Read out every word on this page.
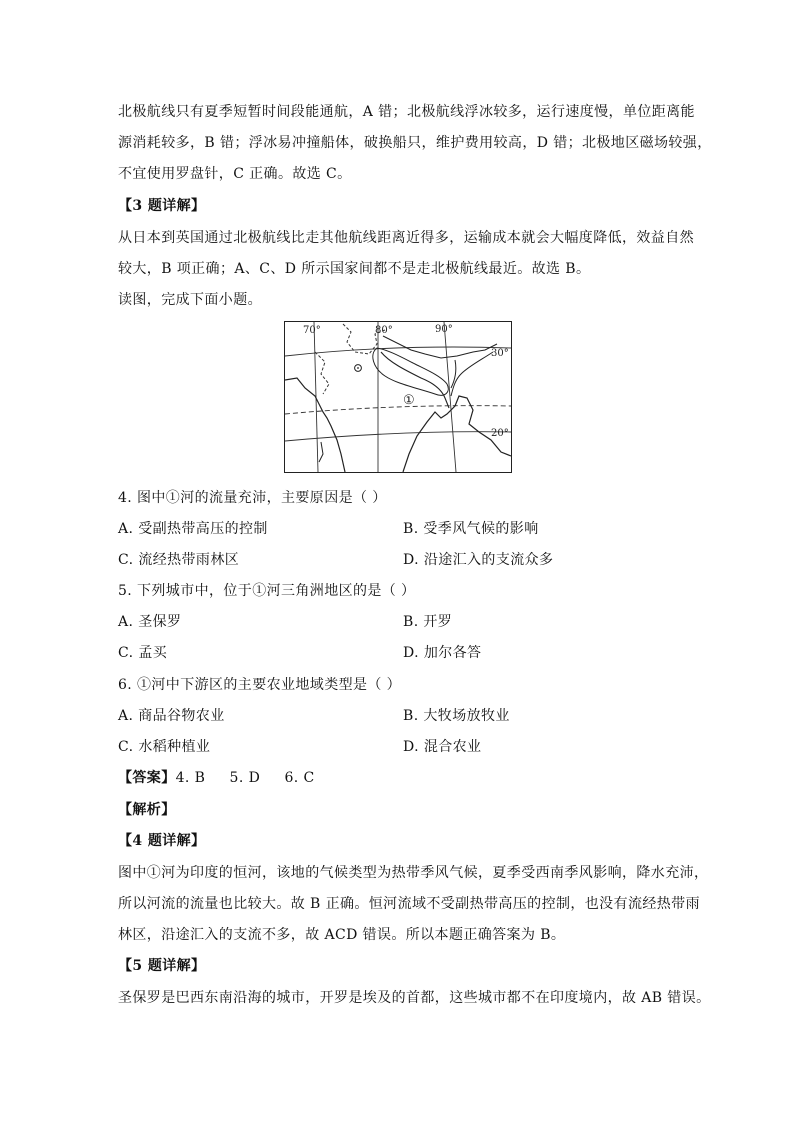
北极航线只有夏季短暂时间段能通航，A 错；北极航线浮冰较多，运行速度慢，单位距离能
源消耗较多，B 错；浮冰易冲撞船体，破换船只，维护费用较高，D 错；北极地区磁场较强，
不宜使用罗盘针，C 正确。故选 C。
【3 题详解】
从日本到英国通过北极航线比走其他航线距离近得多，运输成本就会大幅度降低，效益自然
较大，B 项正确；A、C、D 所示国家间都不是走北极航线最近。故选 B。
读图，完成下面小题。
70°	80°	90°
30°
20°
①
4. 图中①河的流量充沛，主要原因是（ ）
A. 受副热带高压的控制	B. 受季风气候的影响
C. 流经热带雨林区	D. 沿途汇入的支流众多
5. 下列城市中，位于①河三角洲地区的是（ ）
A. 圣保罗	B. 开罗
C. 孟买	D. 加尔各答
6. ①河中下游区的主要农业地域类型是（ ）
A. 商品谷物农业	B. 大牧场放牧业
C. 水稻种植业	D. 混合农业
【答案】4. B     5. D     6. C
【解析】
【4 题详解】
图中①河为印度的恒河，该地的气候类型为热带季风气候，夏季受西南季风影响，降水充沛，
所以河流的流量也比较大。故 B 正确。恒河流域不受副热带高压的控制，也没有流经热带雨
林区，沿途汇入的支流不多，故 ACD 错误。所以本题正确答案为 B。
【5 题详解】
圣保罗是巴西东南沿海的城市，开罗是埃及的首都，这些城市都不在印度境内，故 AB 错误。
